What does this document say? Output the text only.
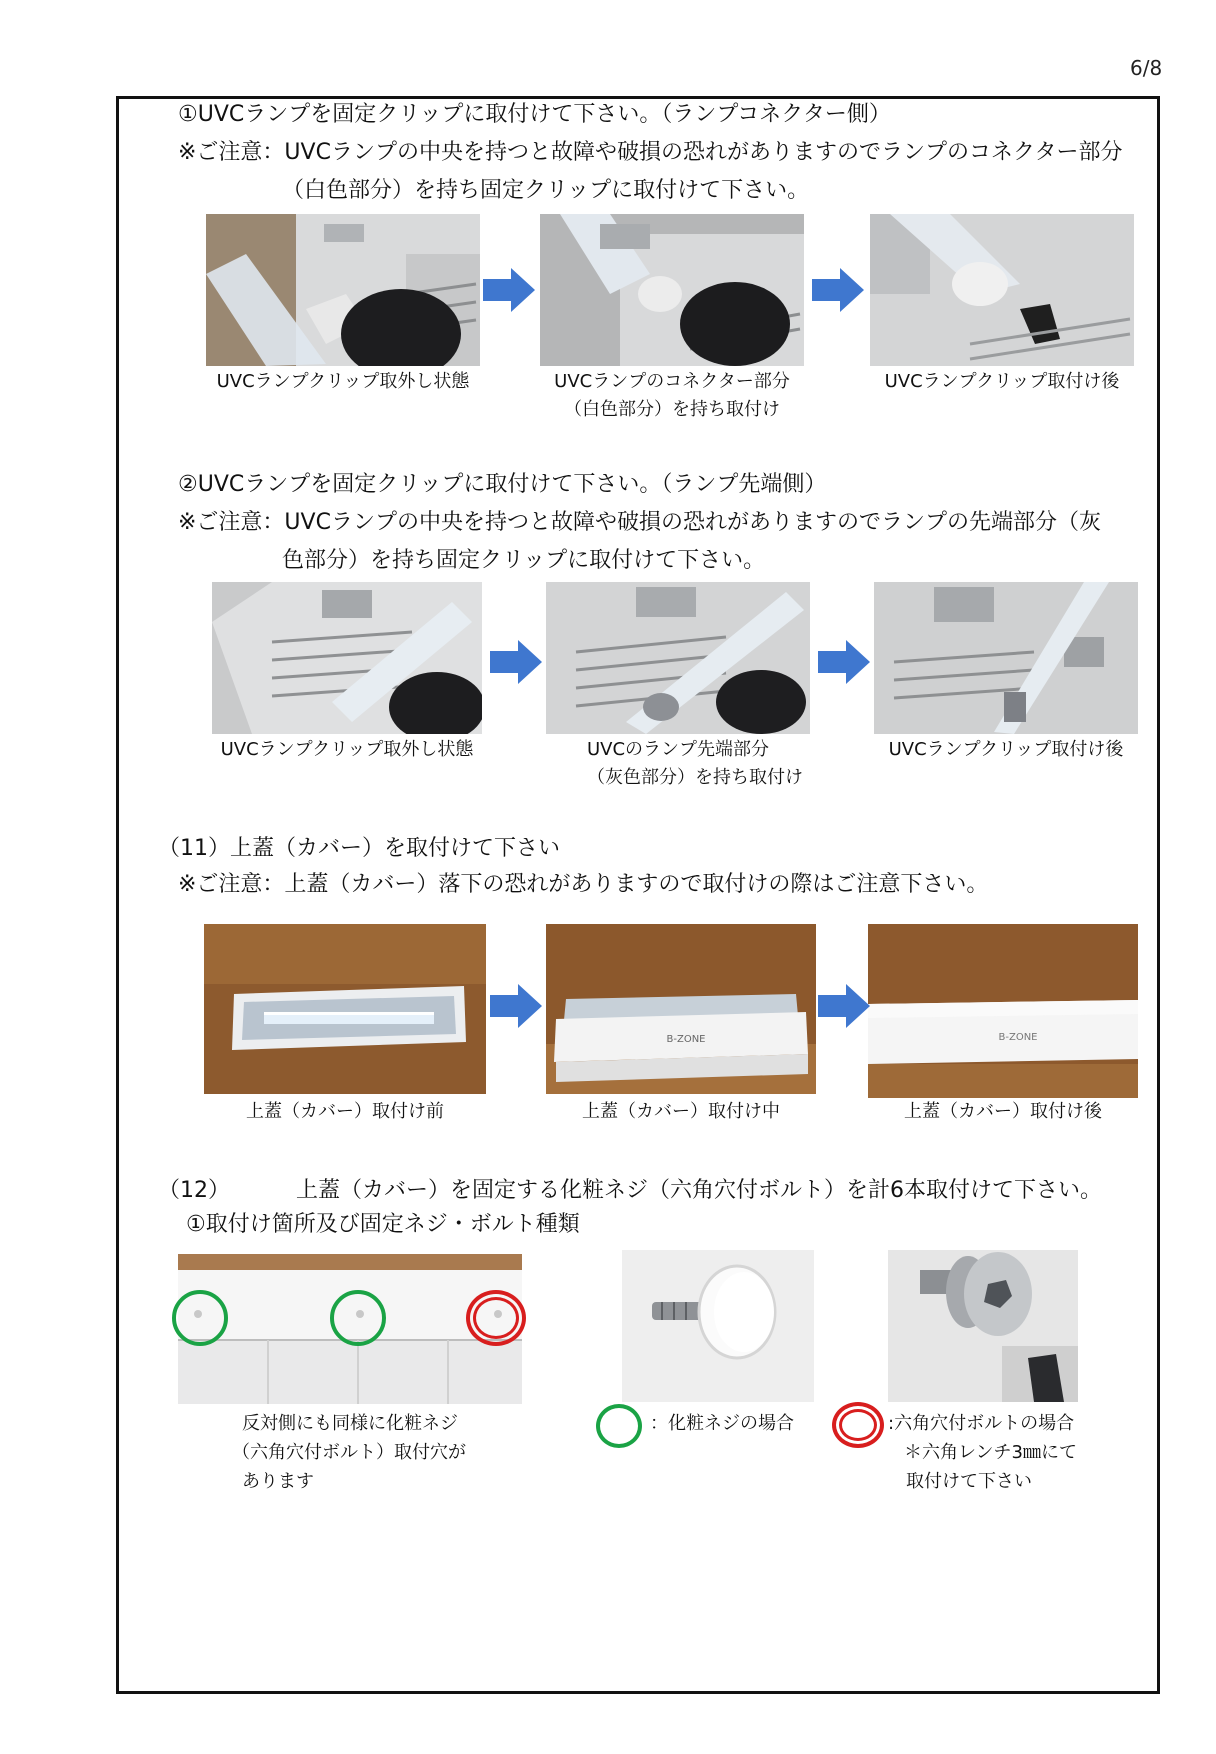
6/8
①UVCランプを固定クリップに取付けて下さい。（ランプコネクター側）
※ご注意：UVCランプの中央を持つと故障や破損の恐れがありますのでランプのコネクター部分
（白色部分）を持ち固定クリップに取付けて下さい。
UVCランプクリップ取外し状態	UVCランプのコネクター部分
（白色部分）を持ち取付け
UVCランプクリップ取付け後
②UVCランプを固定クリップに取付けて下さい。（ランプ先端側）
※ご注意：UVCランプの中央を持つと故障や破損の恐れがありますのでランプの先端部分（灰
色部分）を持ち固定クリップに取付けて下さい。
UVCランプクリップ取外し状態	UVCのランプ先端部分
（灰色部分）を持ち取付け
UVCランプクリップ取付け後
（11）上蓋（カバー）を取付けて下さい
※ご注意：上蓋（カバー）落下の恐れがありますので取付けの際はご注意下さい。
B-ZONE	B-ZONE
上蓋（カバー）取付け前	上蓋（カバー）取付け中	上蓋（カバー）取付け後
（12）	上蓋（カバー）を固定する化粧ネジ（六角穴付ボルト）を計6本取付けて下さい。
①取付け箇所及び固定ネジ・ボルト種類
反対側にも同様に化粧ネジ
（六角穴付ボルト）取付穴が
あります
：化粧ネジの場合	:六角穴付ボルトの場合
＊六角レンチ3㎜にて
取付けて下さい
